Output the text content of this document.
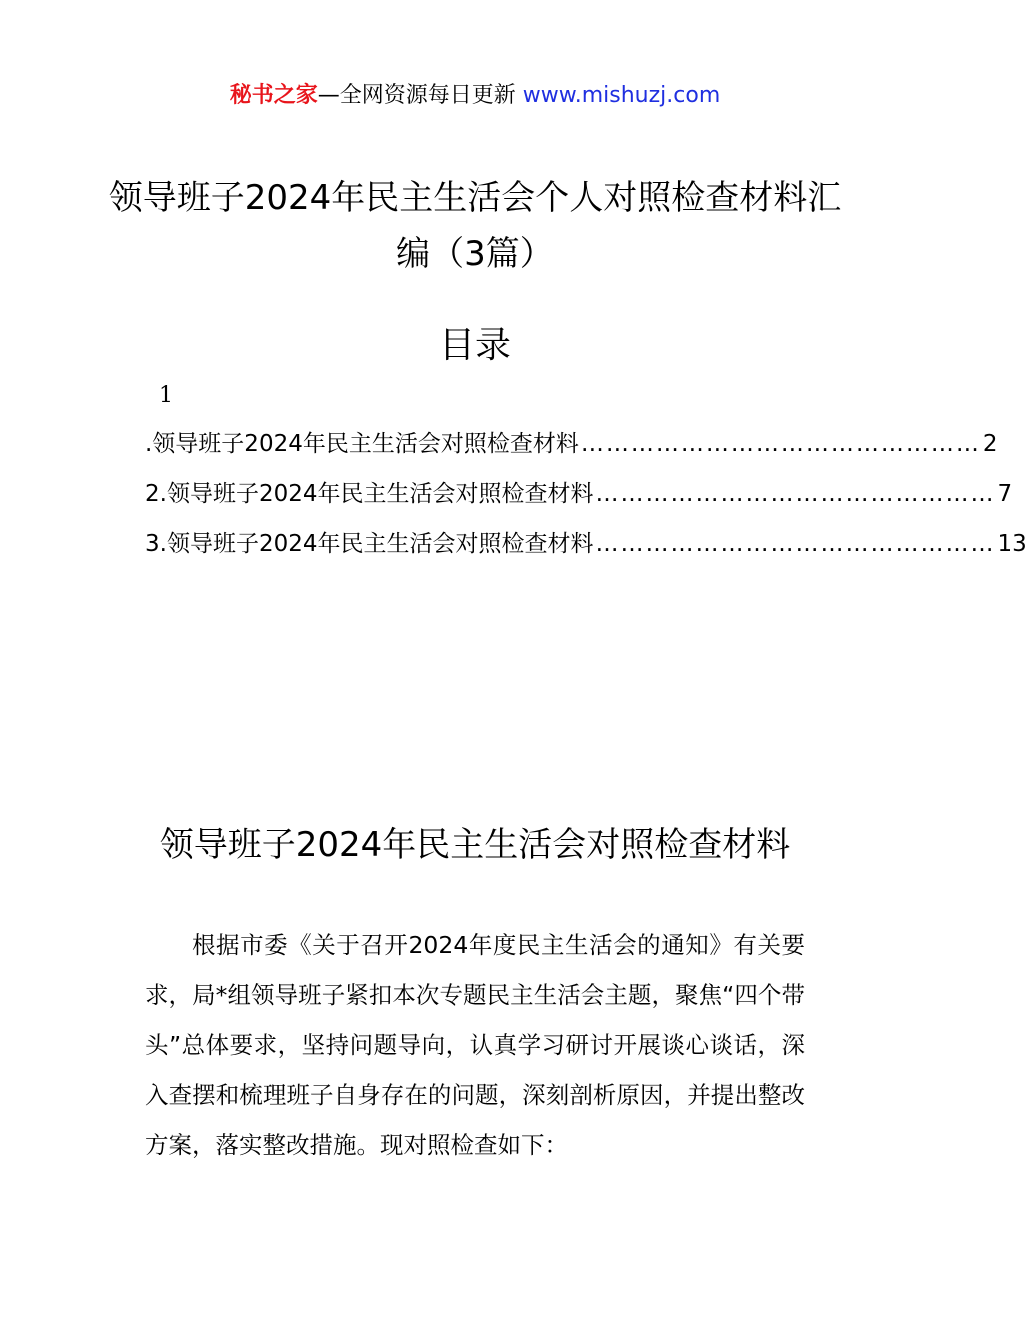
秘书之家—全网资源每日更新 www.mishuzj.com
领导班子2024年民主生活会个人对照检查材料汇编（3篇）
目录
1
.领导班子2024年民主生活会对照检查材料 ………………………………………… 2
2.领导班子2024年民主生活会对照检查材料 ………………………………………… 7
3.领导班子2024年民主生活会对照检查材料 ………………………………………… 13
领导班子2024年民主生活会对照检查材料

根据市委《关于召开2024年度民主生活会的通知》有关要求，局*组领导班子紧扣本次专题民主生活会主题，聚焦“四个带头”总体要求，坚持问题导向，认真学习研讨开展谈心谈话，深入查摆和梳理班子自身存在的问题，深刻剖析原因，并提出整改方案，落实整改措施。现对照检查如下：
